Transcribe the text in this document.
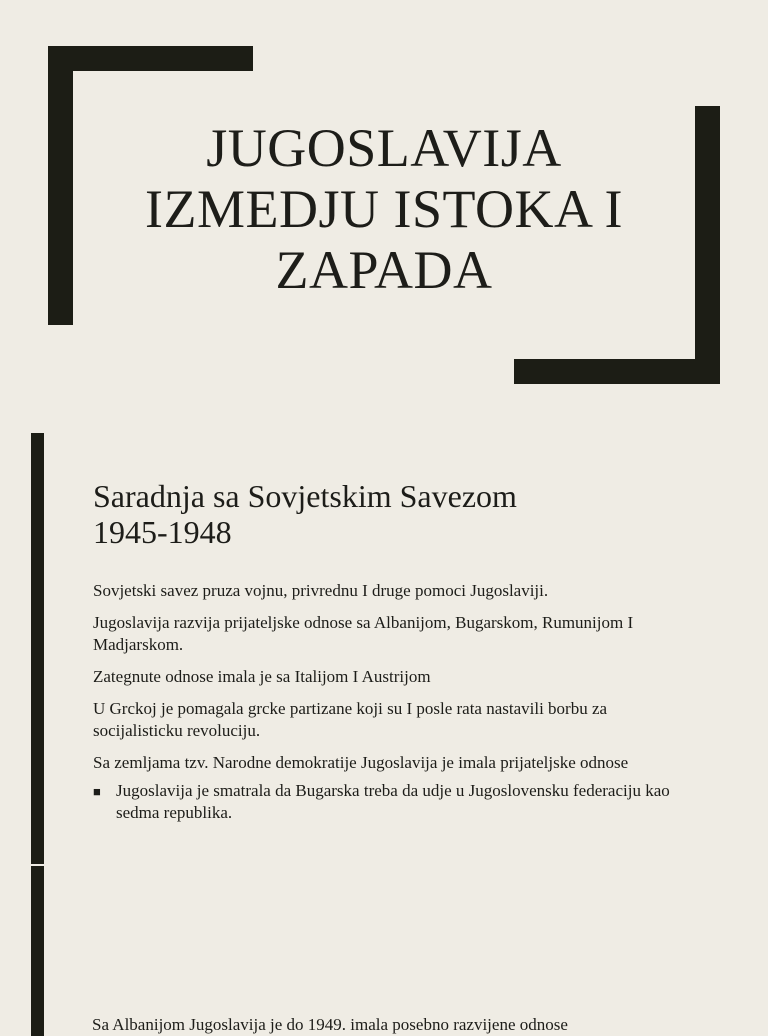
JUGOSLAVIJA
IZMEDJU ISTOKA I
ZAPADA
Saradnja sa Sovjetskim Savezom
1945-1948

Sovjetski savez pruza vojnu, privrednu I druge pomoci Jugoslaviji.

Jugoslavija razvija prijateljske odnose sa Albanijom, Bugarskom, Rumunijom I Madjarskom.

Zategnute odnose imala je sa Italijom I Austrijom

U Grckoj je pomagala grcke partizane koji su I posle rata nastavili borbu za socijalisticku revoluciju.

Sa zemljama tzv. Narodne demokratije Jugoslavija je imala prijateljske odnose

■ Jugoslavija je smatrala da Bugarska treba da udje u Jugoslovensku federaciju kao sedma republika.
Sa Albanijom Jugoslavija je do 1949. imala posebno razvijene odnose
